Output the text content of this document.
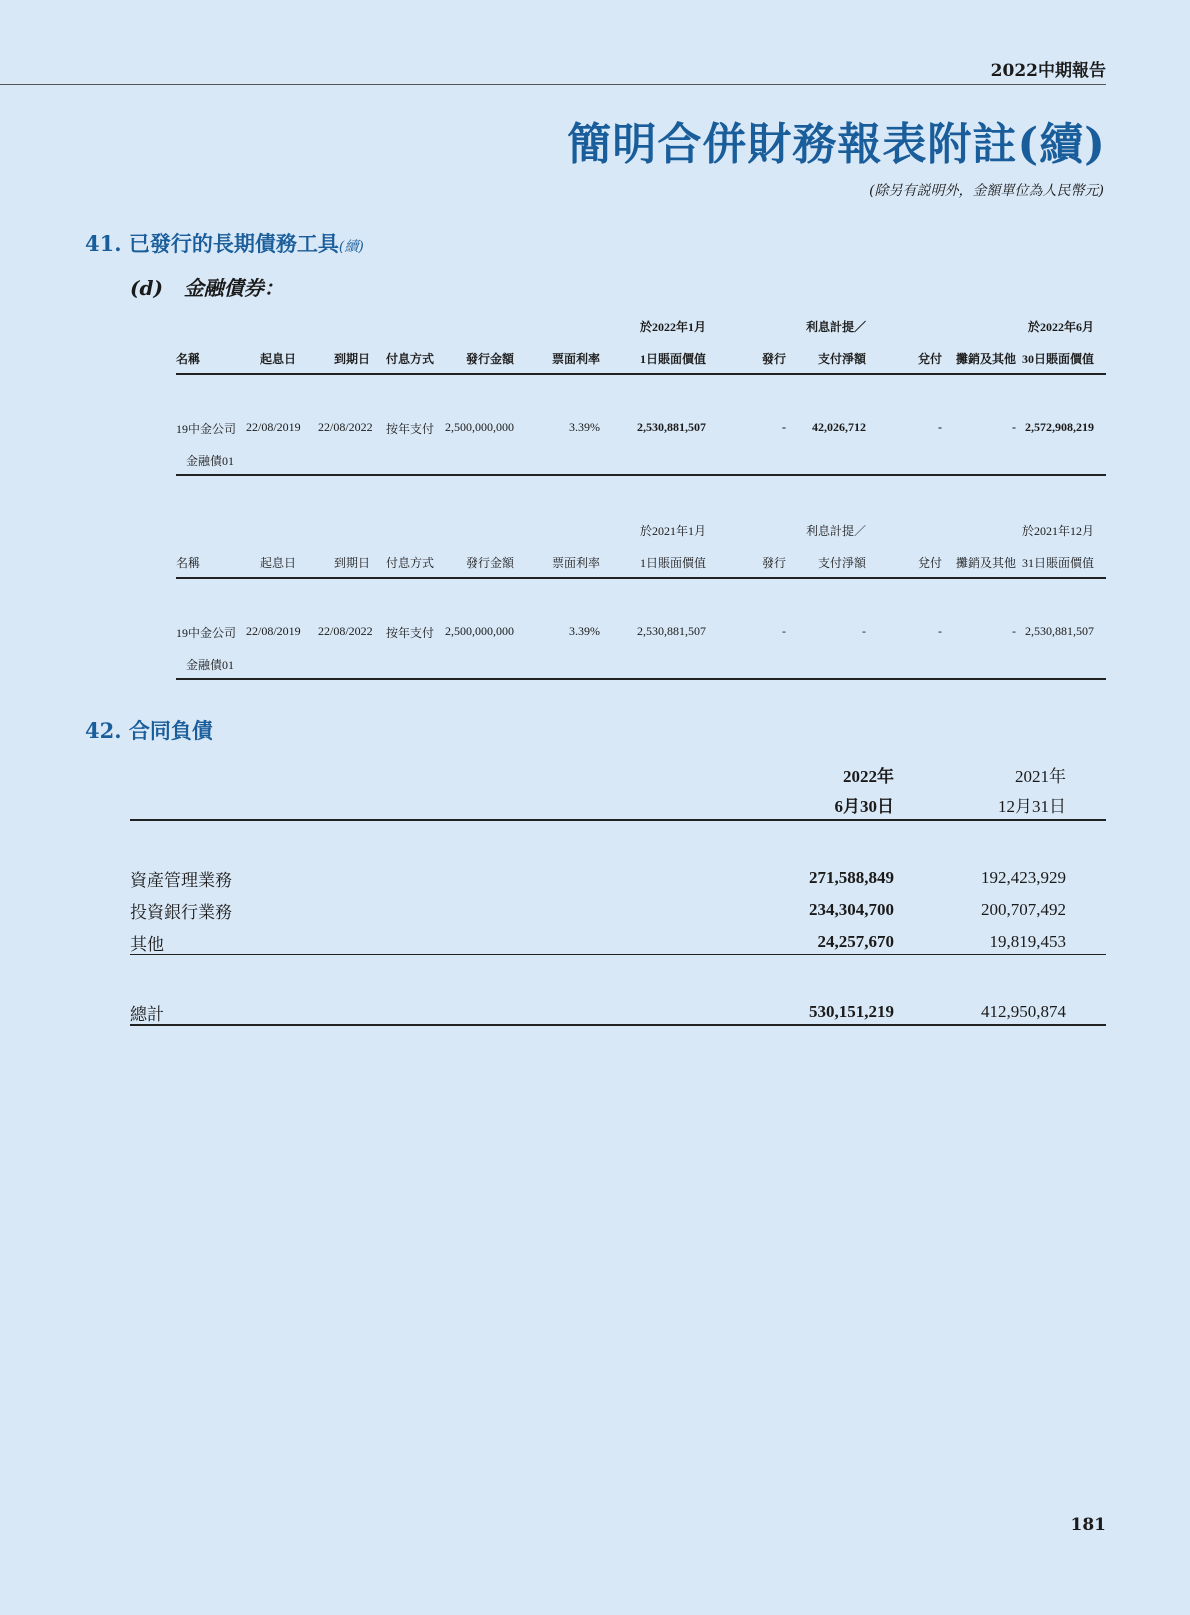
2022中期報告
簡明合併財務報表附註(續)
(除另有説明外，金額單位為人民幣元)
41. 已發行的長期債務工具(續)
(d) 金融債券：
於2022年1月	利息計提／	於2022年6月
名稱	起息日	到期日 付息方式	發行金額	票面利率	1日賬面價值	發行	支付淨額	兌付 攤銷及其他 30日賬面價值
19中金公司 22/08/2019 22/08/2022 按年支付 2,500,000,000	3.39%	2,530,881,507	- 42,026,712	-	- 2,572,908,219
金融債01
於2021年1月	利息計提／	於2021年12月
名稱	起息日	到期日 付息方式	發行金額	票面利率	1日賬面價值	發行	支付淨額	兌付 攤銷及其他 31日賬面價值
19中金公司 22/08/2019 22/08/2022 按年支付 2,500,000,000	3.39%	2,530,881,507	-	-	-	- 2,530,881,507
金融債01
42. 合同負債
2022年	2021年
6月30日	12月31日
資產管理業務	271,588,849	192,423,929
投資銀行業務	234,304,700	200,707,492
其他	24,257,670	19,819,453
總計	530,151,219	412,950,874
181
